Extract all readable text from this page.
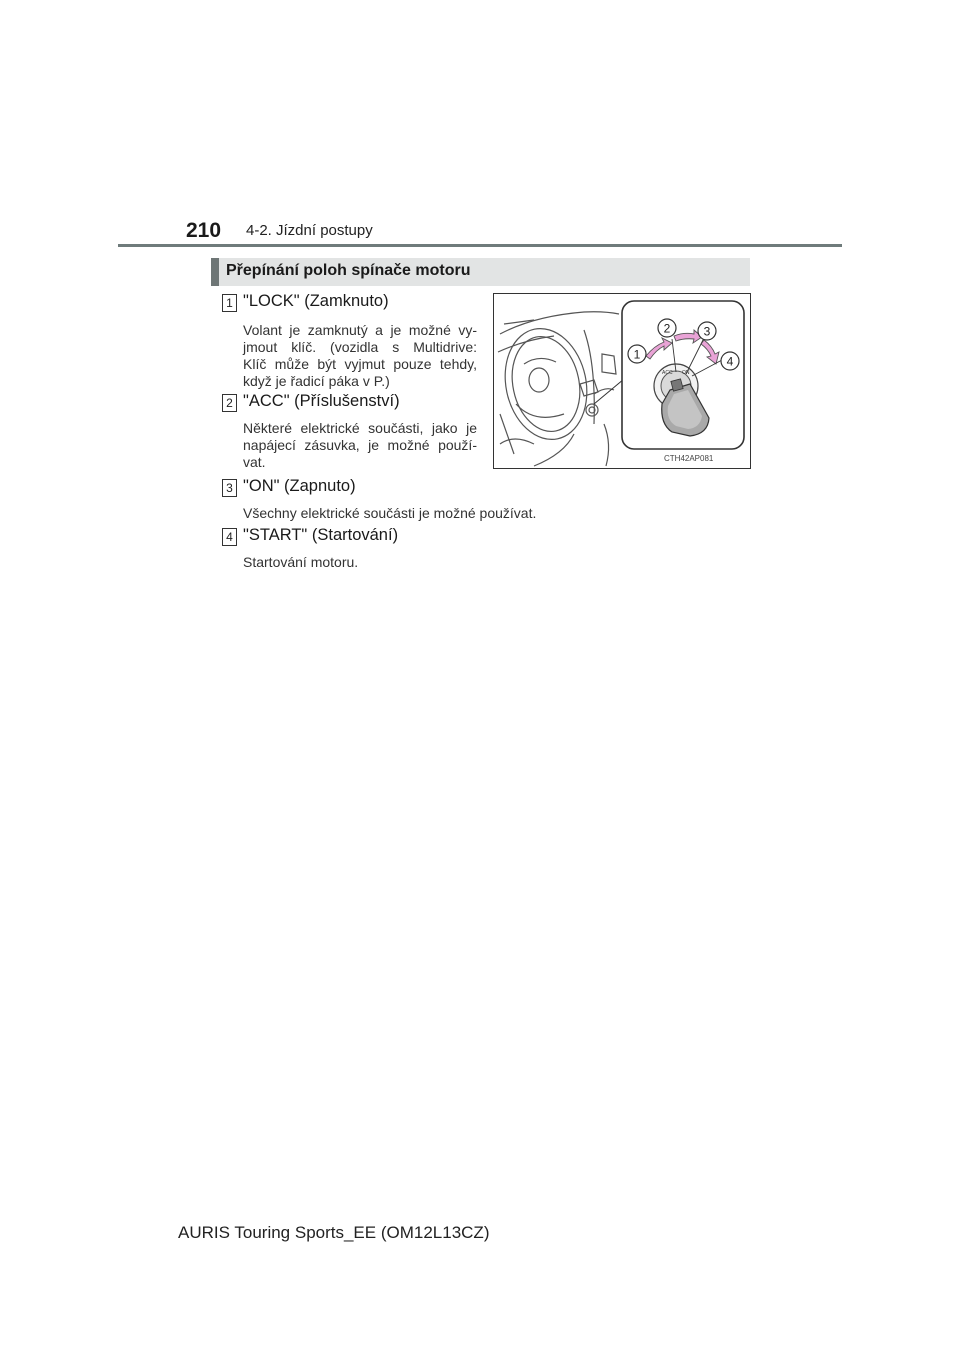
210 4-2. Jízdní postupy
Přepínání poloh spínače motoru
1 "LOCK" (Zamknuto)
Volant je zamknutý a je možné vy-
jmout klíč. (vozidla s Multidrive:
Klíč může být vyjmut pouze tehdy,
když je řadicí páka v P.)
2 "ACC" (Příslušenství)
Některé elektrické součásti, jako je
napájecí zásuvka, je možné použí-
vat.
ACC ON
1
2	3
4
CTH42AP081
3 "ON" (Zapnuto)
Všechny elektrické součásti je možné používat.
4 "START" (Startování)
Startování motoru.
AURIS Touring Sports_EE (OM12L13CZ)
